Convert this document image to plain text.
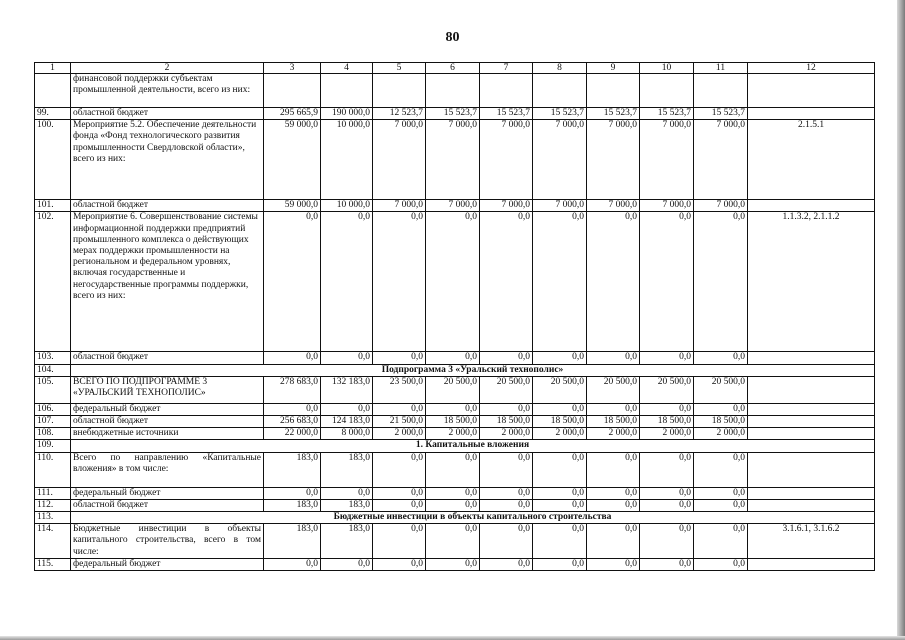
80
1	2	3	4	5	6	7	8	9	10	11	12
	финансовой поддержки субъектам промышленной деятельности, всего из них:										
99.	областной бюджет	295 665,9	190 000,0	12 523,7	15 523,7	15 523,7	15 523,7	15 523,7	15 523,7	15 523,7	
100.	Мероприятие 5.2. Обеспечение деятельности фонда «Фонд технологического развития промышленности Свердловской области», всего из них:	59 000,0	10 000,0	7 000,0	7 000,0	7 000,0	7 000,0	7 000,0	7 000,0	7 000,0	2.1.5.1
101.	областной бюджет	59 000,0	10 000,0	7 000,0	7 000,0	7 000,0	7 000,0	7 000,0	7 000,0	7 000,0	
102.	Мероприятие 6. Совершенствование системы информационной поддержки предприятий промышленного комплекса о действующих мерах поддержки промышленности на региональном и федеральном уровнях, включая государственные и негосударственные программы поддержки, всего из них:	0,0	0,0	0,0	0,0	0,0	0,0	0,0	0,0	0,0	1.1.3.2, 2.1.1.2
103.	областной бюджет	0,0	0,0	0,0	0,0	0,0	0,0	0,0	0,0	0,0	
104.	Подпрограмма 3 «Уральский технополис»										
105.	ВСЕГО ПО ПОДПРОГРАММЕ 3 «УРАЛЬСКИЙ ТЕХНОПОЛИС»	278 683,0	132 183,0	23 500,0	20 500,0	20 500,0	20 500,0	20 500,0	20 500,0	20 500,0	
106.	федеральный бюджет	0,0	0,0	0,0	0,0	0,0	0,0	0,0	0,0	0,0	
107.	областной бюджет	256 683,0	124 183,0	21 500,0	18 500,0	18 500,0	18 500,0	18 500,0	18 500,0	18 500,0	
108.	внебюджетные источники	22 000,0	8 000,0	2 000,0	2 000,0	2 000,0	2 000,0	2 000,0	2 000,0	2 000,0	
109.	1. Капитальные вложения										
110.	Всего по направлению «Капитальные вложения» в том числе:	183,0	183,0	0,0	0,0	0,0	0,0	0,0	0,0	0,0	
111.	федеральный бюджет	0,0	0,0	0,0	0,0	0,0	0,0	0,0	0,0	0,0	
112.	областной бюджет	183,0	183,0	0,0	0,0	0,0	0,0	0,0	0,0	0,0	
113.	Бюджетные инвестиции в объекты капитального строительства										
114.	Бюджетные инвестиции в объекты капитального строительства, всего в том числе:	183,0	183,0	0,0	0,0	0,0	0,0	0,0	0,0	0,0	3.1.6.1, 3.1.6.2
115.	федеральный бюджет	0,0	0,0	0,0	0,0	0,0	0,0	0,0	0,0	0,0	
